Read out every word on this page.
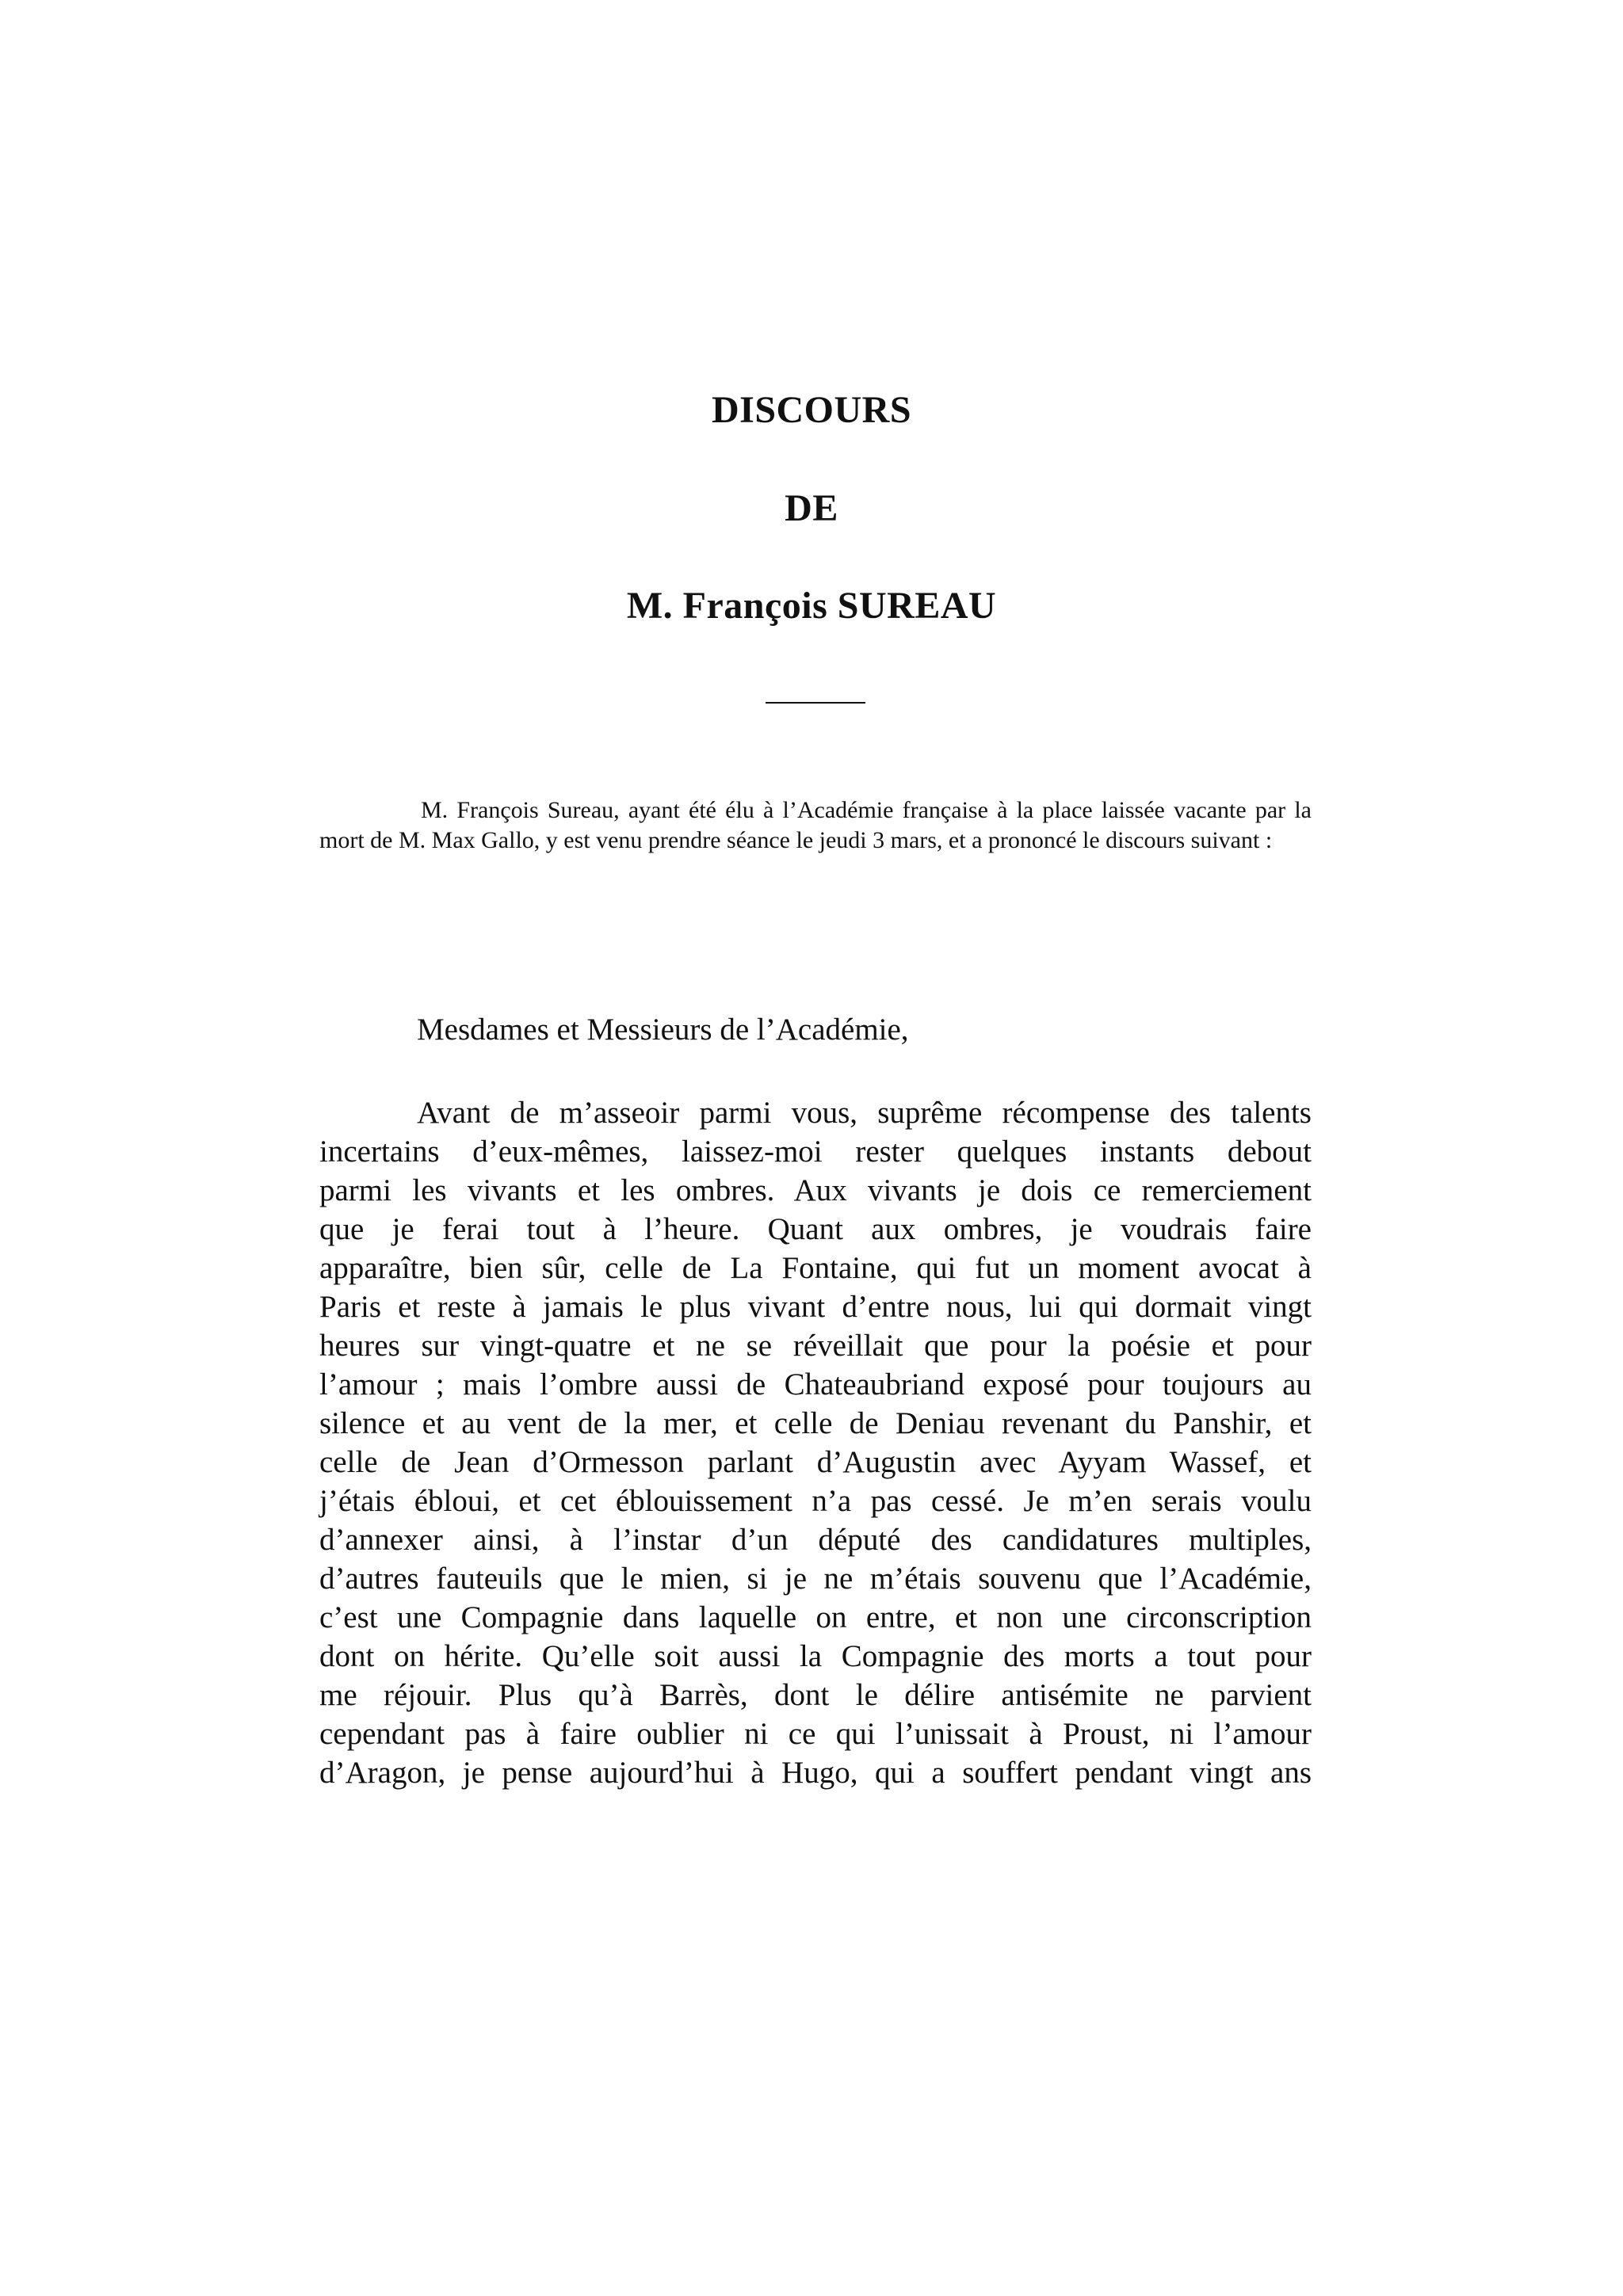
DISCOURS
DE
M. François SUREAU

M. François Sureau, ayant été élu à l’Académie française à la place laissée vacante par la mort de M. Max Gallo, y est venu prendre séance le jeudi 3 mars, et a prononcé le discours suivant :

Mesdames et Messieurs de l’Académie,

Avant de m’asseoir parmi vous, suprême récompense des talents
incertains d’eux-mêmes, laissez-moi rester quelques instants debout
parmi les vivants et les ombres. Aux vivants je dois ce remerciement
que je ferai tout à l’heure. Quant aux ombres, je voudrais faire
apparaître, bien sûr, celle de La Fontaine, qui fut un moment avocat à
Paris et reste à jamais le plus vivant d’entre nous, lui qui dormait vingt
heures sur vingt-quatre et ne se réveillait que pour la poésie et pour
l’amour ; mais l’ombre aussi de Chateaubriand exposé pour toujours au
silence et au vent de la mer, et celle de Deniau revenant du Panshir, et
celle de Jean d’Ormesson parlant d’Augustin avec Ayyam Wassef, et
j’étais ébloui, et cet éblouissement n’a pas cessé. Je m’en serais voulu
d’annexer ainsi, à l’instar d’un député des candidatures multiples,
d’autres fauteuils que le mien, si je ne m’étais souvenu que l’Académie,
c’est une Compagnie dans laquelle on entre, et non une circonscription
dont on hérite. Qu’elle soit aussi la Compagnie des morts a tout pour
me réjouir. Plus qu’à Barrès, dont le délire antisémite ne parvient
cependant pas à faire oublier ni ce qui l’unissait à Proust, ni l’amour
d’Aragon, je pense aujourd’hui à Hugo, qui a souffert pendant vingt ans
